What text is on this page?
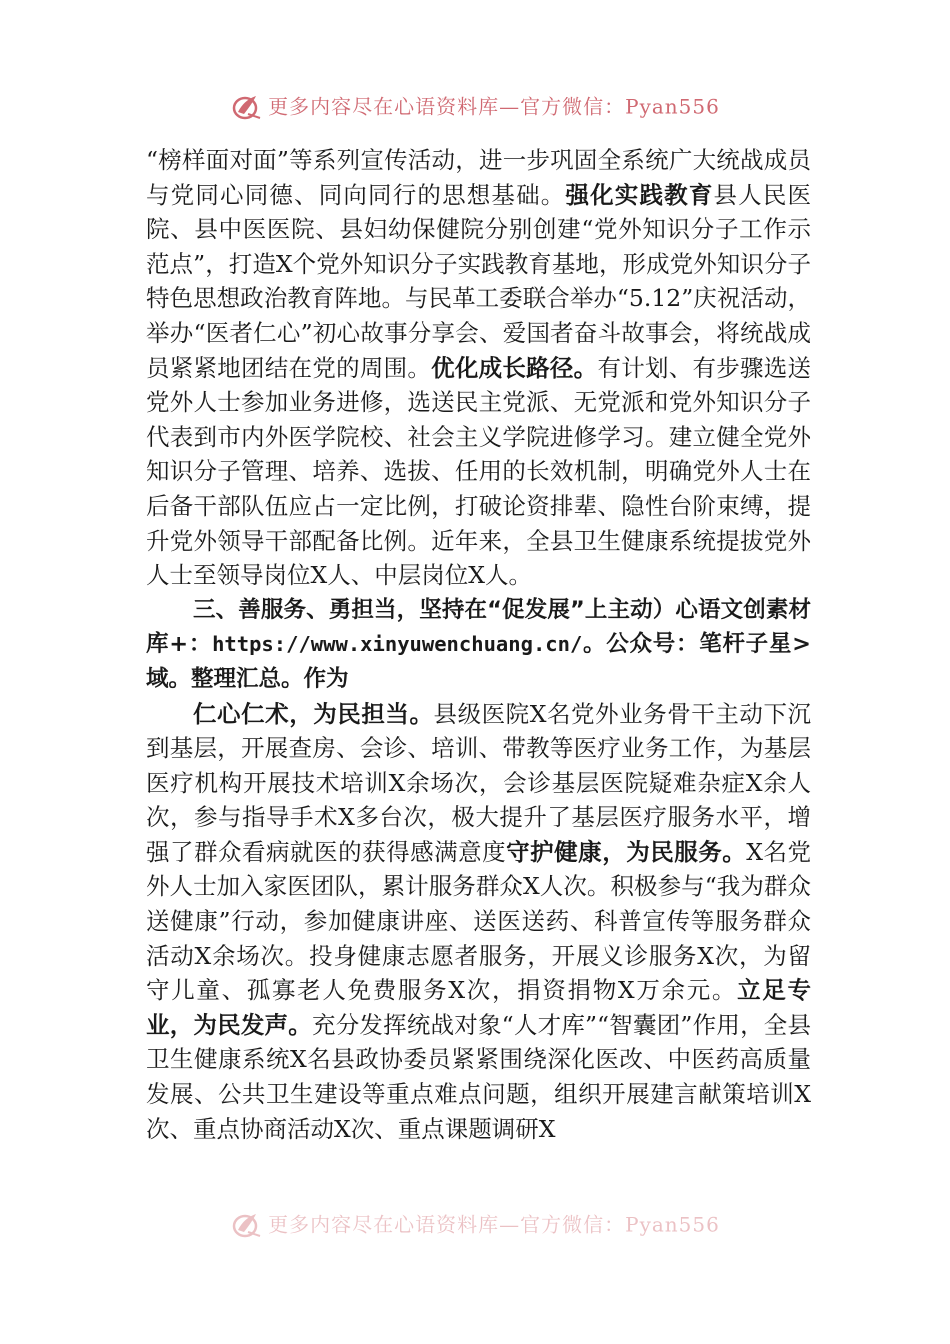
更多内容尽在心语资料库—官方微信：Pyan556

“榜样面对面”等系列宣传活动，进一步巩固全系统广大统战成员与党同心同德、同向同行的思想基础。强化实践教育县人民医院、县中医医院、县妇幼保健院分别创建“党外知识分子工作示范点”，打造X个党外知识分子实践教育基地，形成党外知识分子特色思想政治教育阵地。与民革工委联合举办“5.12”庆祝活动，举办“医者仁心”初心故事分享会、爱国者奋斗故事会，将统战成员紧紧地团结在党的周围。优化成长路径。有计划、有步骤选送党外人士参加业务进修，选送民主党派、无党派和党外知识分子代表到市内外医学院校、社会主义学院进修学习。建立健全党外知识分子管理、培养、选拔、任用的长效机制，明确党外人士在后备干部队伍应占一定比例，打破论资排辈、隐性台阶束缚，提升党外领导干部配备比例。近年来，全县卫生健康系统提拔党外人士至领导岗位X人、中层岗位X人。

三、善服务、勇担当，坚持在“促发展”上主动）心语文创素材库+：https://www.xinyuwenchuang.cn/。公众号：笔杆子星>域。整理汇总。作为

仁心仁术，为民担当。县级医院X名党外业务骨干主动下沉到基层，开展查房、会诊、培训、带教等医疗业务工作，为基层医疗机构开展技术培训X余场次，会诊基层医院疑难杂症X余人次，参与指导手术X多台次，极大提升了基层医疗服务水平，增强了群众看病就医的获得感满意度守护健康，为民服务。X名党外人士加入家医团队，累计服务群众X人次。积极参与“我为群众送健康”行动，参加健康讲座、送医送药、科普宣传等服务群众活动X余场次。投身健康志愿者服务，开展义诊服务X次，为留守儿童、孤寡老人免费服务X次，捐资捐物X万余元。立足专业，为民发声。充分发挥统战对象“人才库”“智囊团”作用，全县卫生健康系统X名县政协委员紧紧围绕深化医改、中医药高质量发展、公共卫生建设等重点难点问题，组织开展建言献策培训X次、重点协商活动X次、重点课题调研X

更多内容尽在心语资料库—官方微信：Pyan556
